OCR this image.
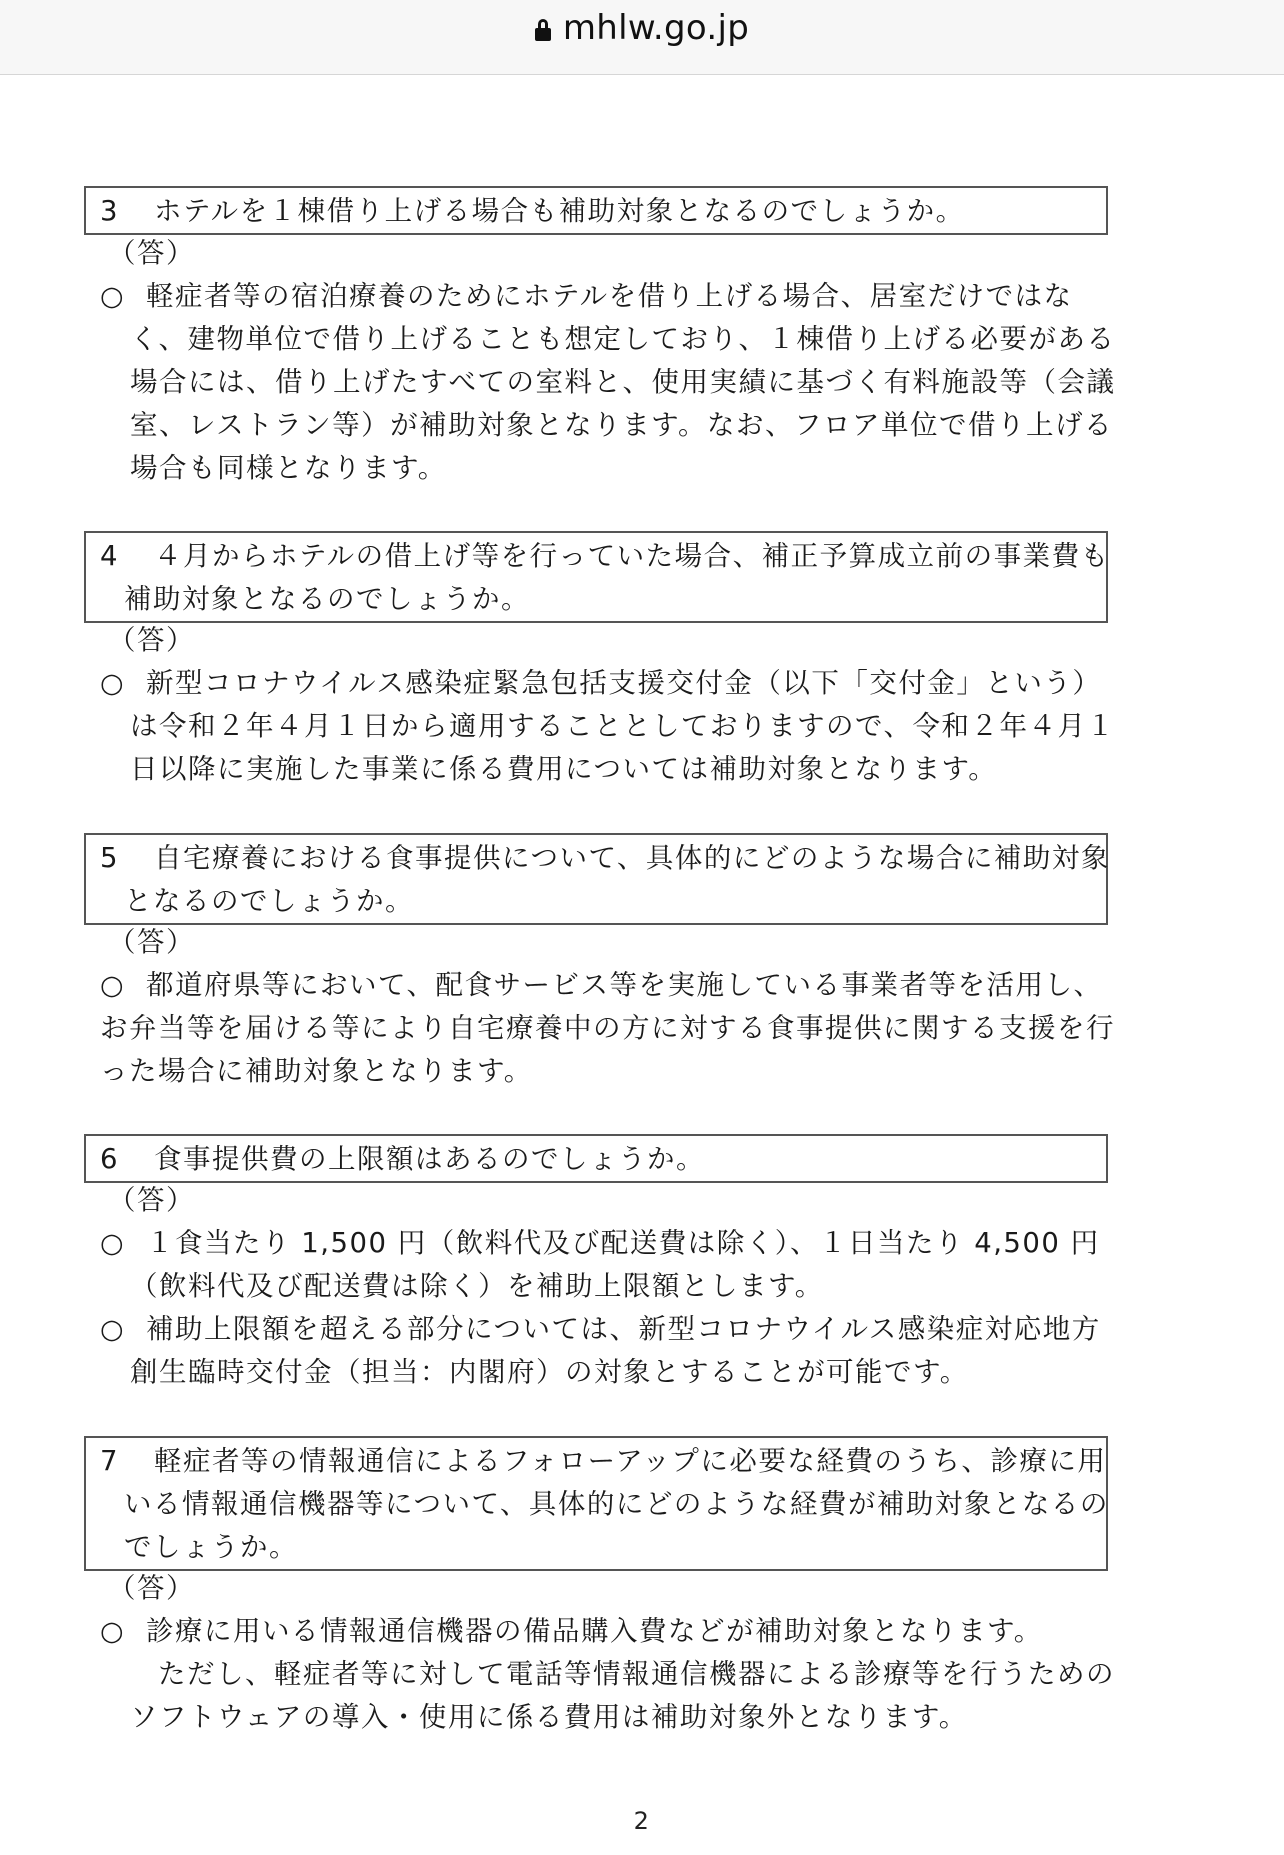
mhlw.go.jp
3 ホテルを１棟借り上げる場合も補助対象となるのでしょうか。
（答）
○ 軽症者等の宿泊療養のためにホテルを借り上げる場合、居室だけではな
く、建物単位で借り上げることも想定しており、１棟借り上げる必要がある
場合には、借り上げたすべての室料と、使用実績に基づく有料施設等（会議
室、レストラン等）が補助対象となります。なお、フロア単位で借り上げる
場合も同様となります。
4 ４月からホテルの借上げ等を行っていた場合、補正予算成立前の事業費も
補助対象となるのでしょうか。
（答）
○ 新型コロナウイルス感染症緊急包括支援交付金（以下「交付金」という）
は令和２年４月１日から適用することとしておりますので、令和２年４月１
日以降に実施した事業に係る費用については補助対象となります。
5 自宅療養における食事提供について、具体的にどのような場合に補助対象
となるのでしょうか。
（答）
○ 都道府県等において、配食サービス等を実施している事業者等を活用し、
お弁当等を届ける等により自宅療養中の方に対する食事提供に関する支援を行
った場合に補助対象となります。
6 食事提供費の上限額はあるのでしょうか。
（答）
○ １食当たり 1,500 円（飲料代及び配送費は除く）、１日当たり 4,500 円
（飲料代及び配送費は除く）を補助上限額とします。
○ 補助上限額を超える部分については、新型コロナウイルス感染症対応地方
創生臨時交付金（担当：内閣府）の対象とすることが可能です。
7 軽症者等の情報通信によるフォローアップに必要な経費のうち、診療に用
いる情報通信機器等について、具体的にどのような経費が補助対象となるの
でしょうか。
（答）
○ 診療に用いる情報通信機器の備品購入費などが補助対象となります。
ただし、軽症者等に対して電話等情報通信機器による診療等を行うための
ソフトウェアの導入・使用に係る費用は補助対象外となります。
2
